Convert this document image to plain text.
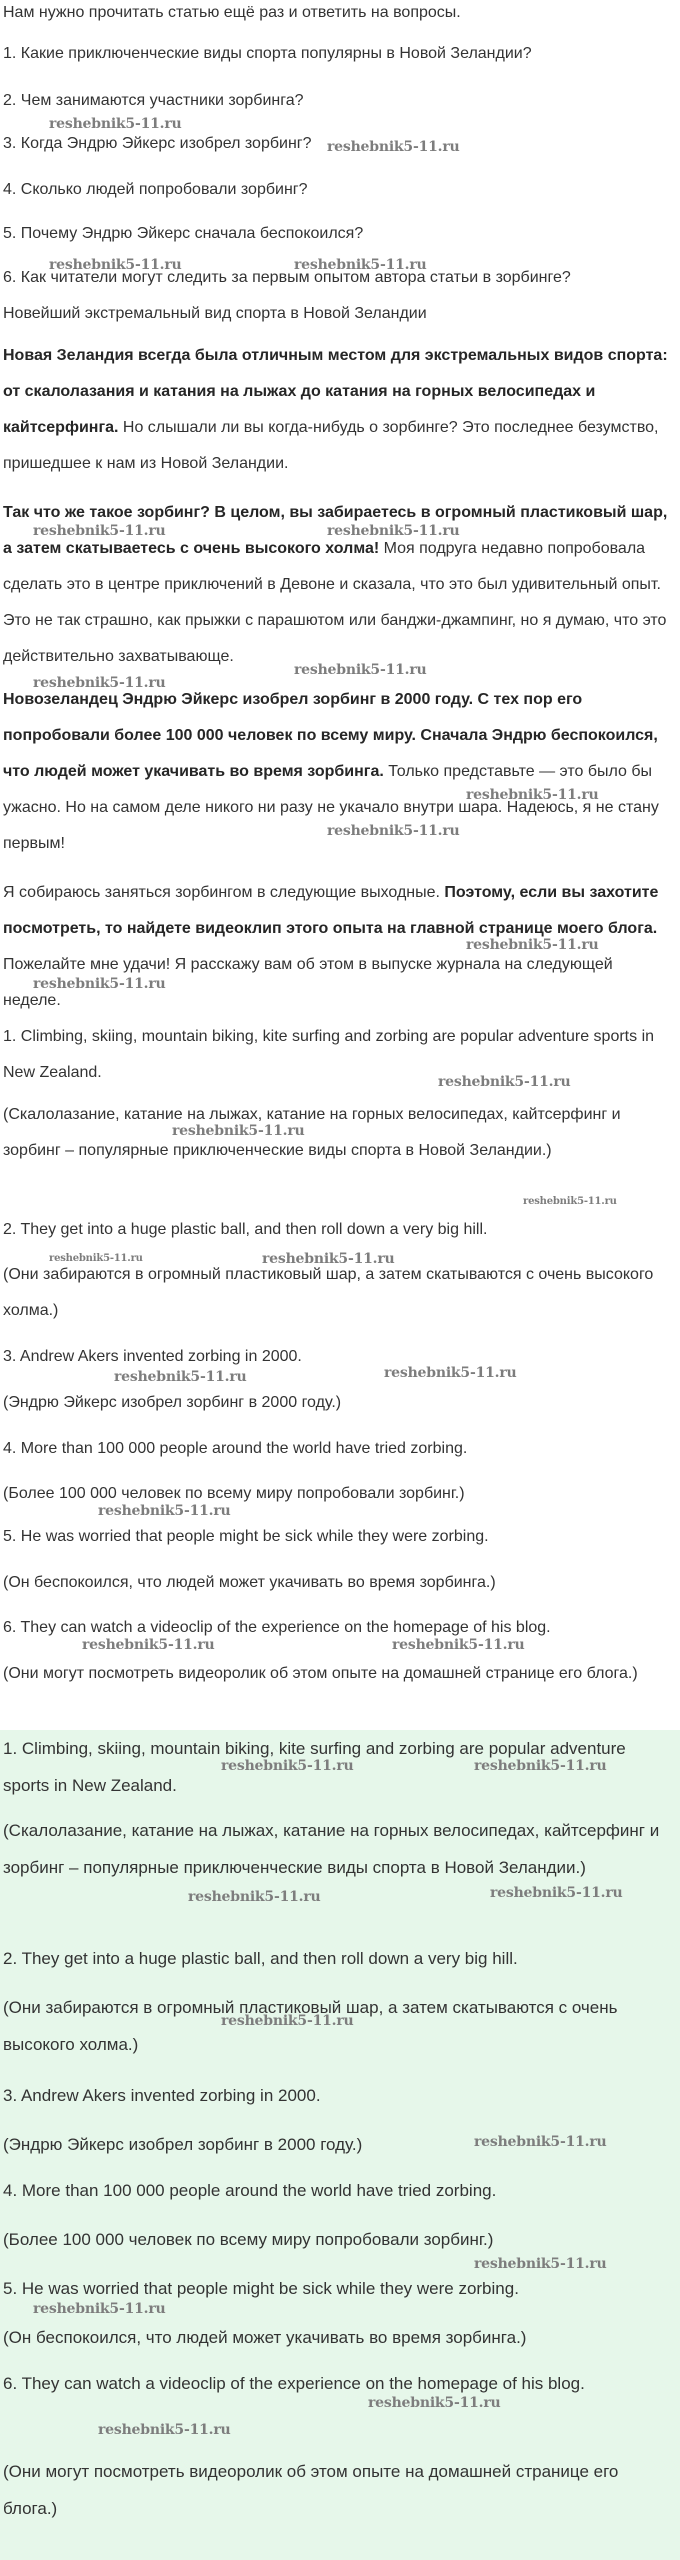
Нам нужно прочитать статью ещё раз и ответить на вопросы.

1. Какие приключенческие виды спорта популярны в Новой Зеландии?

2. Чем занимаются участники зорбинга?

3. Когда Эндрю Эйкерс изобрел зорбинг?

4. Сколько людей попробовали зорбинг?

5. Почему Эндрю Эйкерс сначала беспокоился?

6. Как читатели могут следить за первым опытом автора статьи в зорбинге?

Новейший экстремальный вид спорта в Новой Зеландии

Новая Зеландия всегда была отличным местом для экстремальных видов спорта: от скалолазания и катания на лыжах до катания на горных велосипедах и кайтсерфинга. Но слышали ли вы когда-нибудь о зорбинге? Это последнее безумство, пришедшее к нам из Новой Зеландии.

Так что же такое зорбинг? В целом, вы забираетесь в огромный пластиковый шар, а затем скатываетесь с очень высокого холма! Моя подруга недавно попробовала сделать это в центре приключений в Девоне и сказала, что это был удивительный опыт. Это не так страшно, как прыжки с парашютом или банджи-джампинг, но я думаю, что это действительно захватывающе.

Новозеландец Эндрю Эйкерс изобрел зорбинг в 2000 году. С тех пор его попробовали более 100 000 человек по всему миру. Сначала Эндрю беспокоился, что людей может укачивать во время зорбинга. Только представьте — это было бы ужасно. Но на самом деле никого ни разу не укачало внутри шара. Надеюсь, я не стану первым!

Я собираюсь заняться зорбингом в следующие выходные. Поэтому, если вы захотите посмотреть, то найдете видеоклип этого опыта на главной странице моего блога. Пожелайте мне удачи! Я расскажу вам об этом в выпуске журнала на следующей неделе.

1. Climbing, skiing, mountain biking, kite surfing and zorbing are popular adventure sports in New Zealand.

(Скалолазание, катание на лыжах, катание на горных велосипедах, кайтсерфинг и зорбинг – популярные приключенческие виды спорта в Новой Зеландии.)

2. They get into a huge plastic ball, and then roll down a very big hill.

(Они забираются в огромный пластиковый шар, а затем скатываются с очень высокого холма.)

3. Andrew Akers invented zorbing in 2000.

(Эндрю Эйкерс изобрел зорбинг в 2000 году.)

4. More than 100 000 people around the world have tried zorbing.

(Более 100 000 человек по всему миру попробовали зорбинг.)

5. He was worried that people might be sick while they were zorbing.

(Он беспокоился, что людей может укачивать во время зорбинга.)

6. They can watch a videoclip of the experience on the homepage of his blog.

(Они могут посмотреть видеоролик об этом опыте на домашней странице его блога.)

1. Climbing, skiing, mountain biking, kite surfing and zorbing are popular adventure sports in New Zealand.

(Скалолазание, катание на лыжах, катание на горных велосипедах, кайтсерфинг и зорбинг – популярные приключенческие виды спорта в Новой Зеландии.)

2. They get into a huge plastic ball, and then roll down a very big hill.

(Они забираются в огромный пластиковый шар, а затем скатываются с очень высокого холма.)

3. Andrew Akers invented zorbing in 2000.

(Эндрю Эйкерс изобрел зорбинг в 2000 году.)

4. More than 100 000 people around the world have tried zorbing.

(Более 100 000 человек по всему миру попробовали зорбинг.)

5. He was worried that people might be sick while they were zorbing.

(Он беспокоился, что людей может укачивать во время зорбинга.)

6. They can watch a videoclip of the experience on the homepage of his blog.

(Они могут посмотреть видеоролик об этом опыте на домашней странице его блога.)

reshebnik5-11.ru
reshebnik5-11.ru
reshebnik5-11.ru	reshebnik5-11.ru
reshebnik5-11.ru	reshebnik5-11.ru
reshebnik5-11.ru
reshebnik5-11.ru
reshebnik5-11.ru
reshebnik5-11.ru
reshebnik5-11.ru
reshebnik5-11.ru
reshebnik5-11.ru
reshebnik5-11.ru
reshebnik5-11.ru
reshebnik5-11.ru	reshebnik5-11.ru
reshebnik5-11.ru	reshebnik5-11.ru
reshebnik5-11.ru
reshebnik5-11.ru	reshebnik5-11.ru
reshebnik5-11.ru	reshebnik5-11.ru
reshebnik5-11.ru	reshebnik5-11.ru
reshebnik5-11.ru
reshebnik5-11.ru
reshebnik5-11.ru
reshebnik5-11.ru
reshebnik5-11.ru
reshebnik5-11.ru
